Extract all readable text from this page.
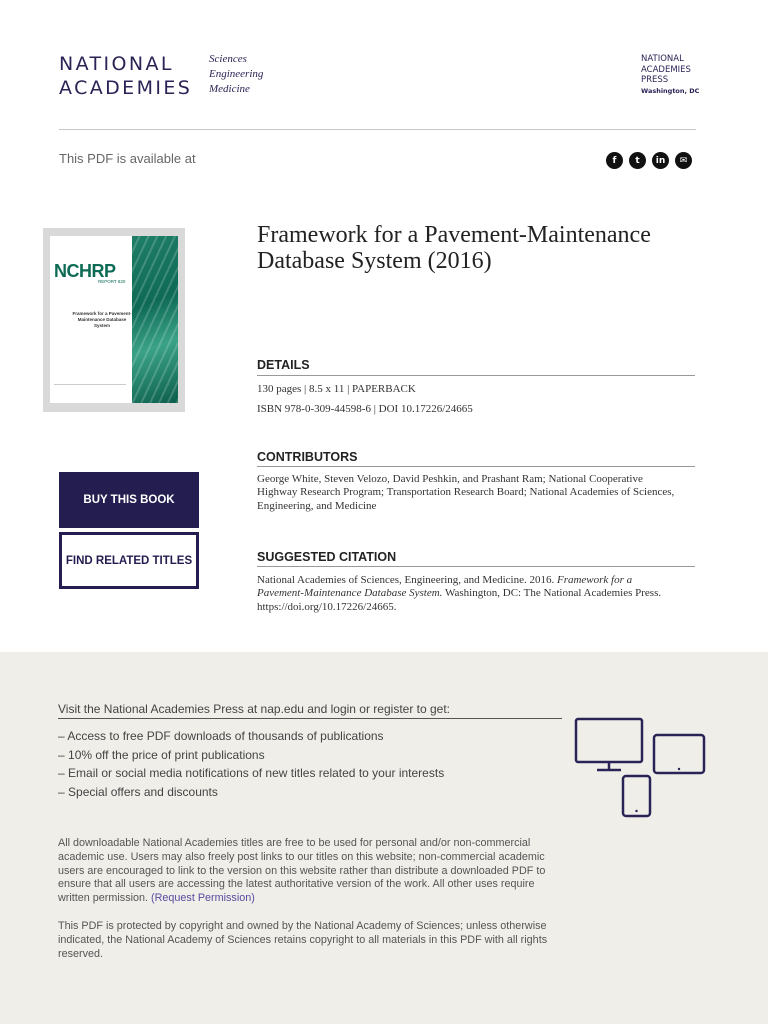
NATIONAL
ACADEMIES
Sciences
Engineering
Medicine
NATIONAL
ACADEMIES
PRESS
Washington, DC
This PDF is available at	f	t	in	✉
NCHRP
REPORT 820
Framework for a Pavement-Maintenance Database System
BUY THIS BOOK
FIND RELATED TITLES
Framework for a Pavement-Maintenance Database System (2016)
DETAILS
130 pages | 8.5 x 11 | PAPERBACK
ISBN 978-0-309-44598-6 | DOI 10.17226/24665
CONTRIBUTORS
George White, Steven Velozo, David Peshkin, and Prashant Ram; National Cooperative Highway Research Program; Transportation Research Board; National Academies of Sciences, Engineering, and Medicine
SUGGESTED CITATION
National Academies of Sciences, Engineering, and Medicine. 2016. Framework for a Pavement-Maintenance Database System. Washington, DC: The National Academies Press. https://doi.org/10.17226/24665.
Visit the National Academies Press at nap.edu and login or register to get:
– Access to free PDF downloads of thousands of publications
– 10% off the price of print publications
– Email or social media notifications of new titles related to your interests
– Special offers and discounts
All downloadable National Academies titles are free to be used for personal and/or non-commercial academic use. Users may also freely post links to our titles on this website; non-commercial academic users are encouraged to link to the version on this website rather than distribute a downloaded PDF to ensure that all users are accessing the latest authoritative version of the work. All other uses require written permission. (Request Permission)
This PDF is protected by copyright and owned by the National Academy of Sciences; unless otherwise indicated, the National Academy of Sciences retains copyright to all materials in this PDF with all rights reserved.
